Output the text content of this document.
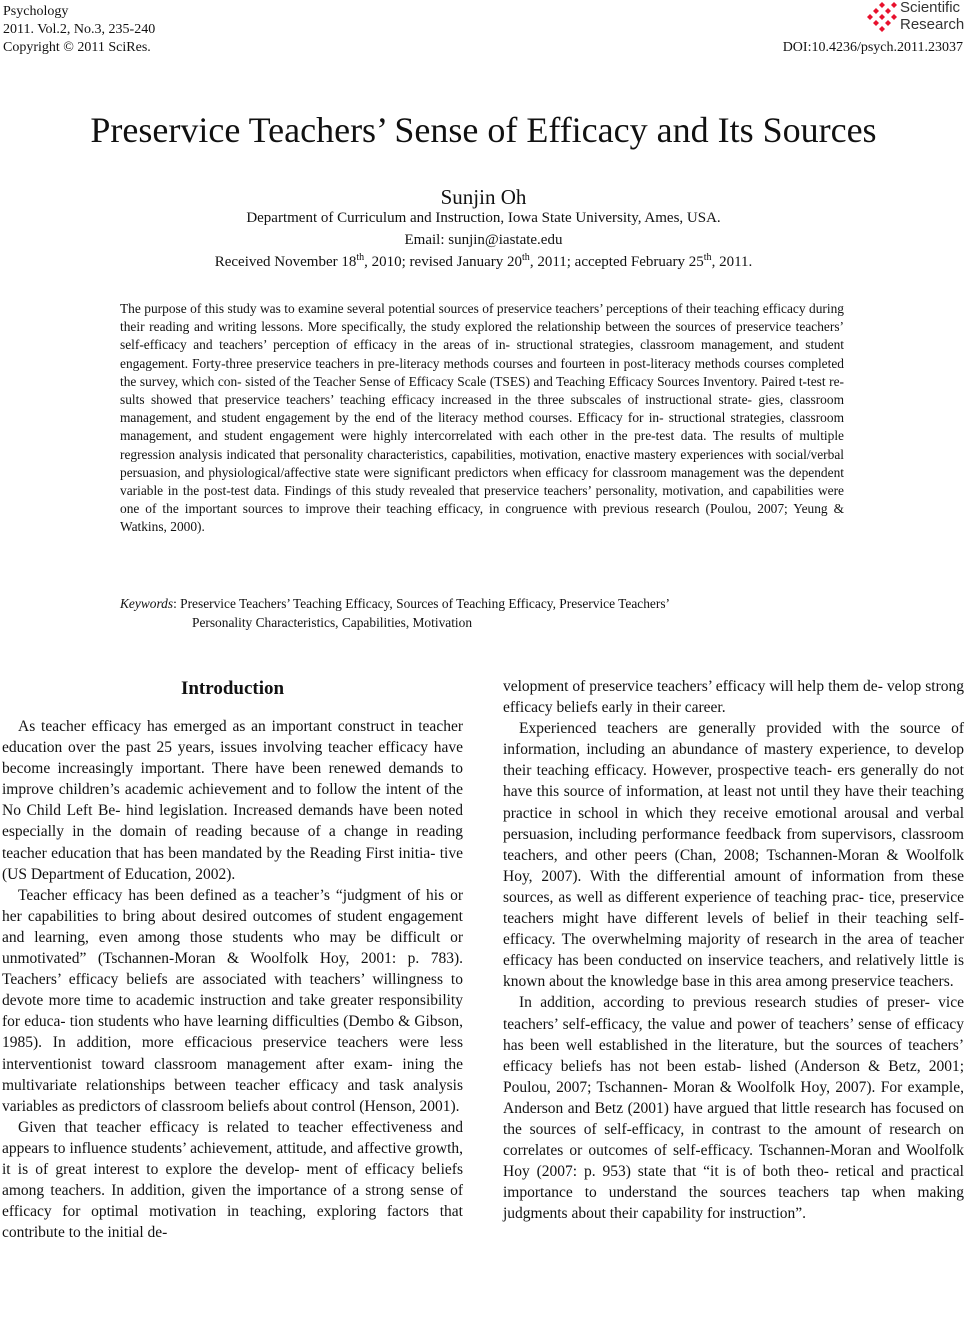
Psychology
2011. Vol.2, No.3, 235-240
Copyright © 2011 SciRes.
Scientific
Research
DOI:10.4236/psych.2011.23037
Preservice Teachers’ Sense of Efficacy and Its Sources
Sunjin Oh
Department of Curriculum and Instruction, Iowa State University, Ames, USA.
Email: sunjin@iastate.edu
Received November 18th, 2010; revised January 20th, 2011; accepted February 25th, 2011.

The purpose of this study was to examine several potential sources of preservice teachers’ perceptions of their teaching efficacy during their reading and writing lessons. More specifically, the study explored the relationship between the sources of preservice teachers’ self-efficacy and teachers’ perception of efficacy in the areas of in- structional strategies, classroom management, and student engagement. Forty-three preservice teachers in pre-literacy methods courses and fourteen in post-literacy methods courses completed the survey, which con- sisted of the Teacher Sense of Efficacy Scale (TSES) and Teaching Efficacy Sources Inventory. Paired t-test re- sults showed that preservice teachers’ teaching efficacy increased in the three subscales of instructional strate- gies, classroom management, and student engagement by the end of the literacy method courses. Efficacy for in- structional strategies, classroom management, and student engagement were highly intercorrelated with each other in the pre-test data. The results of multiple regression analysis indicated that personality characteristics, capabilities, motivation, enactive mastery experiences with social/verbal persuasion, and physiological/affective state were significant predictors when efficacy for classroom management was the dependent variable in the post-test data. Findings of this study revealed that preservice teachers’ personality, motivation, and capabilities were one of the important sources to improve their teaching efficacy, in congruence with previous research (Poulou, 2007; Yeung & Watkins, 2000).

Keywords: Preservice Teachers’ Teaching Efficacy, Sources of Teaching Efficacy, Preservice Teachers’
Personality Characteristics, Capabilities, Motivation
Introduction

As teacher efficacy has emerged as an important construct in teacher education over the past 25 years, issues involving teacher efficacy have become increasingly important. There have been renewed demands to improve children’s academic achievement and to follow the intent of the No Child Left Be- hind legislation. Increased demands have been noted especially in the domain of reading because of a change in reading teacher education that has been mandated by the Reading First initia- tive (US Department of Education, 2002).

Teacher efficacy has been defined as a teacher’s “judgment of his or her capabilities to bring about desired outcomes of student engagement and learning, even among those students who may be difficult or unmotivated” (Tschannen-Moran & Woolfolk Hoy, 2001: p. 783). Teachers’ efficacy beliefs are associated with teachers’ willingness to devote more time to academic instruction and take greater responsibility for educa- tion students who have learning difficulties (Dembo & Gibson, 1985). In addition, more efficacious preservice teachers were less interventionist toward classroom management after exam- ining the multivariate relationships between teacher efficacy and task analysis variables as predictors of classroom beliefs about control (Henson, 2001).

Given that teacher efficacy is related to teacher effectiveness and appears to influence students’ achievement, attitude, and affective growth, it is of great interest to explore the develop- ment of efficacy beliefs among teachers. In addition, given the importance of a strong sense of efficacy for optimal motivation in teaching, exploring factors that contribute to the initial de-

velopment of preservice teachers’ efficacy will help them de- velop strong efficacy beliefs early in their career.

Experienced teachers are generally provided with the source of information, including an abundance of mastery experience, to develop their teaching efficacy. However, prospective teach- ers generally do not have this source of information, at least not until they have their teaching practice in school in which they receive emotional arousal and verbal persuasion, including performance feedback from supervisors, classroom teachers, and other peers (Chan, 2008; Tschannen-Moran & Woolfolk Hoy, 2007). With the differential amount of information from these sources, as well as different experience of teaching prac- tice, preservice teachers might have different levels of belief in their teaching self-efficacy. The overwhelming majority of research in the area of teacher efficacy has been conducted on inservice teachers, and relatively little is known about the knowledge base in this area among preservice teachers.

In addition, according to previous research studies of preser- vice teachers’ self-efficacy, the value and power of teachers’ sense of efficacy has been well established in the literature, but the sources of teachers’ efficacy beliefs has not been estab- lished (Anderson & Betz, 2001; Poulou, 2007; Tschannen- Moran & Woolfolk Hoy, 2007). For example, Anderson and Betz (2001) have argued that little research has focused on the sources of self-efficacy, in contrast to the amount of research on correlates or outcomes of self-efficacy. Tschannen-Moran and Woolfolk Hoy (2007: p. 953) state that “it is of both theo- retical and practical importance to understand the sources teachers tap when making judgments about their capability for instruction”.
